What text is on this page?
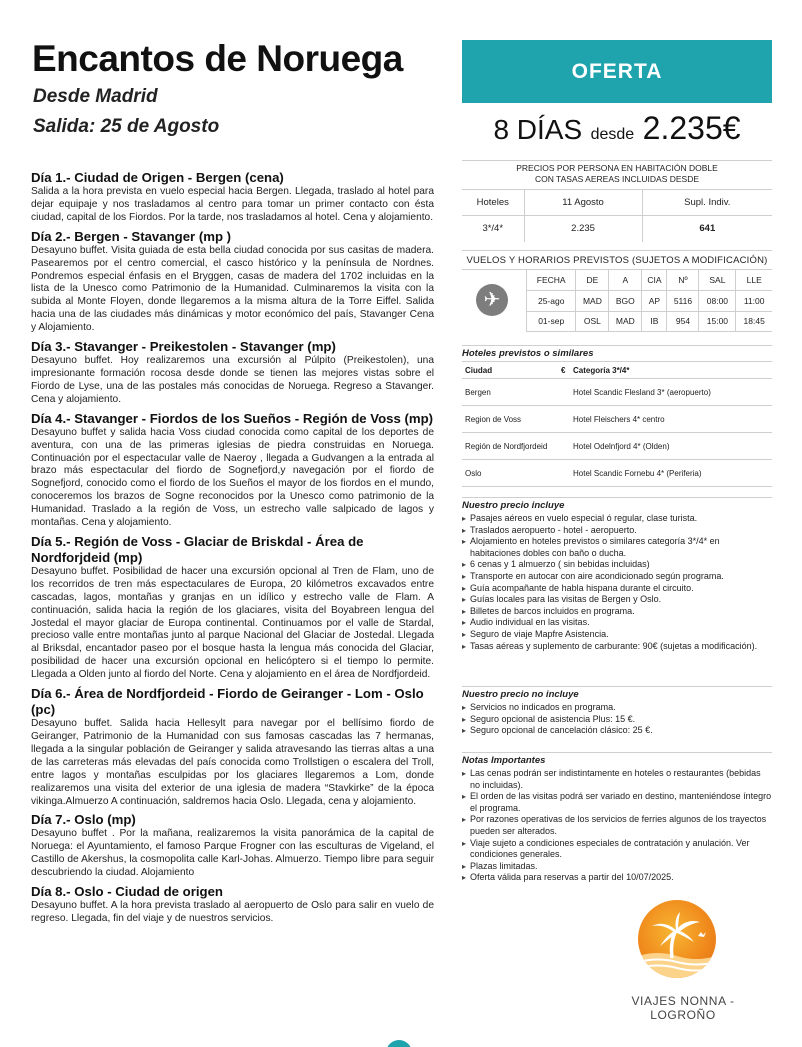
Encantos de Noruega
Desde Madrid
Salida: 25 de Agosto
OFERTA
8 DÍAS desde 2.235€
Día 1.- Ciudad de Origen - Bergen (cena)
Salida a la hora prevista en vuelo especial hacia Bergen. Llegada, traslado al hotel para dejar equipaje y nos trasladamos al centro para tomar un primer contacto con ésta ciudad, capital de los Fiordos. Por la tarde, nos trasladamos al hotel. Cena y alojamiento.
Día 2.- Bergen - Stavanger (mp )
Desayuno buffet. Visita guiada de esta bella ciudad conocida por sus casitas de madera. Pasearemos por el centro comercial, el casco histórico y la península de Nordnes. Pondremos especial énfasis en el Bryggen, casas de madera del 1702 incluidas en la lista de la Unesco como Patrimonio de la Humanidad. Culminaremos la visita con la subida al Monte Floyen, donde llegaremos a la misma altura de la Torre Eiffel. Salida hacia una de las ciudades más dinámicas y motor económico del país, Stavanger Cena y Alojamiento.
Día 3.- Stavanger - Preikestolen - Stavanger (mp)
Desayuno buffet. Hoy realizaremos una excursión al Púlpito (Preikestolen), una impresionante formación rocosa desde donde se tienen las mejores vistas sobre el Fiordo de Lyse, una de las postales más conocidas de Noruega. Regreso a Stavanger. Cena y alojamiento.
Día 4.- Stavanger - Fiordos de los Sueños - Región de Voss (mp)
Desayuno buffet y salida hacia Voss ciudad conocida como capital de los deportes de aventura, con una de las primeras iglesias de piedra construidas en Noruega. Continuación por el espectacular valle de Naeroy , llegada a Gudvangen a la entrada al brazo más espectacular del fiordo de Sognefjord,y navegación por el fiordo de Sognefjord, conocido como el fiordo de los Sueños el mayor de los fiordos en el mundo, conoceremos los brazos de Sogne reconocidos por la Unesco como patrimonio de la Humanidad. Traslado a la región de Voss, un estrecho valle salpicado de lagos y montañas. Cena y alojamiento.
Día 5.- Región de Voss - Glaciar de Briskdal - Área de Nordforjdeid (mp)
Desayuno buffet. Posibilidad de hacer una excursión opcional al Tren de Flam, uno de los recorridos de tren más espectaculares de Europa, 20 kilómetros excavados entre cascadas, lagos, montañas y granjas en un idílico y estrecho valle de Flam. A continuación, salida hacia la región de los glaciares, visita del Boyabreen lengua del Jostedal el mayor glaciar de Europa continental. Continuamos por el valle de Stardal, precioso valle entre montañas junto al parque Nacional del Glaciar de Jostedal. Llegada al Briksdal, encantador paseo por el bosque hasta la lengua más conocida del Glaciar, posibilidad de hacer una excursión opcional en helicóptero si el tiempo lo permite. Llegada a Olden junto al fiordo del Norte. Cena y alojamiento en el área de Nordfjordeid.
Día 6.- Área de Nordfjordeid - Fiordo de Geiranger - Lom - Oslo (pc)
Desayuno buffet. Salida hacia Hellesylt para navegar por el bellísimo fiordo de Geiranger, Patrimonio de la Humanidad con sus famosas cascadas las 7 hermanas, llegada a la singular población de Geiranger y salida atravesando las tierras altas a una de las carreteras más elevadas del país conocida como Trollstigen o escalera del Troll, entre lagos y montañas esculpidas por los glaciares llegaremos a Lom, donde realizaremos una visita del exterior de una iglesia de madera “Stavkirke” de la época vikinga.Almuerzo A continuación, saldremos hacia Oslo. Llegada, cena y alojamiento.
Día 7.- Oslo (mp)
Desayuno buffet . Por la mañana, realizaremos la visita panorámica de la capital de Noruega: el Ayuntamiento, el famoso Parque Frogner con las esculturas de Vigeland, el Castillo de Akershus, la cosmopolita calle Karl-Johas. Almuerzo. Tiempo libre para seguir descubriendo la ciudad. Alojamiento
Día 8.- Oslo - Ciudad de origen
Desayuno buffet. A la hora prevista traslado al aeropuerto de Oslo para salir en vuelo de regreso. Llegada, fin del viaje y de nuestros servicios.
PRECIOS POR PERSONA EN HABITACIÓN DOBLE
CON TASAS AEREAS INCLUIDAS DESDE
Hoteles	11 Agosto	Supl. Indiv.
3*/4*	2.235	641
VUELOS Y HORARIOS PREVISTOS (SUJETOS A MODIFICACIÓN)
✈
FECHA	DE	A	CIA	Nº	SAL	LLE
25-ago	MAD	BGO	AP	5116	08:00	11:00
01-sep	OSL	MAD	IB	954	15:00	18:45
Hoteles previstos o similares
Ciudad	€	Categoría 3*/4*
Bergen		Hotel Scandic Flesland 3* (aeropuerto)
Region de Voss		Hotel Fleischers 4* centro
Región de Nordfjordeid		Hotel Odelnfjord 4* (Olden)
Oslo		Hotel Scandic Fornebu 4* (Periferia)
Nuestro precio incluye
▸ Pasajes aéreos en vuelo especial ó regular, clase turista.
▸ Traslados aeropuerto - hotel - aeropuerto.
▸ Alojamiento en hoteles previstos o similares categoría 3*/4* en habitaciones dobles con baño o ducha.
▸ 6 cenas y 1 almuerzo ( sin bebidas incluidas)
▸ Transporte en autocar con aire acondicionado según programa.
▸ Guía acompañante de habla hispana durante el circuito.
▸ Guías locales para las visitas de Bergen y Oslo.
▸ Billetes de barcos incluidos en programa.
▸ Audio individual en las visitas.
▸ Seguro de viaje Mapfre Asistencia.
▸ Tasas aéreas y suplemento de carburante: 90€ (sujetas a modificación).
Nuestro precio no incluye
▸ Servicios no indicados en programa.
▸ Seguro opcional de asistencia Plus: 15 €.
▸ Seguro opcional de cancelación clásico: 25 €.
Notas Importantes
▸ Las cenas podrán ser indistintamente en hoteles o restaurantes (bebidas no incluidas).
▸ El orden de las visitas podrá ser variado en destino, manteniéndose íntegro el programa.
▸ Por razones operativas de los servicios de ferries algunos de los trayectos pueden ser alterados.
▸ Viaje sujeto a condiciones especiales de contratación y anulación. Ver condiciones generales.
▸ Plazas limitadas.
▸ Oferta válida para reservas a partir del 10/07/2025.
VIAJES NONNA - LOGROÑO
